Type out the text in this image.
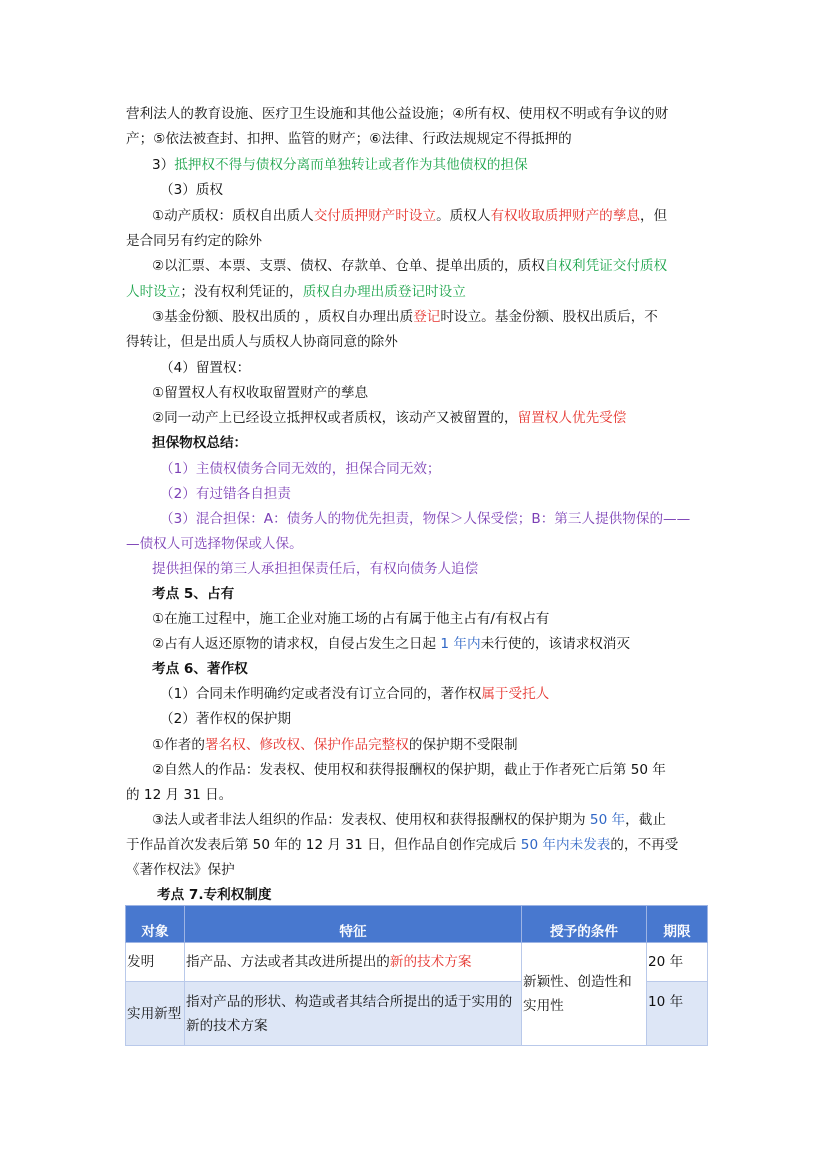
营利法人的教育设施、医疗卫生设施和其他公益设施；④所有权、使用权不明或有争议的财
产；⑤依法被查封、扣押、监管的财产；⑥法律、行政法规规定不得抵押的
3）抵押权不得与债权分离而单独转让或者作为其他债权的担保
（3）质权
①动产质权：质权自出质人交付质押财产时设立。质权人有权收取质押财产的孳息，但
是合同另有约定的除外
②以汇票、本票、支票、债权、存款单、仓单、提单出质的，质权自权利凭证交付质权
人时设立；没有权利凭证的，质权自办理出质登记时设立
③基金份额、股权出质的 ，质权自办理出质登记时设立。基金份额、股权出质后，不
得转让，但是出质人与质权人协商同意的除外
（4）留置权：
①留置权人有权收取留置财产的孳息
②同一动产上已经设立抵押权或者质权，该动产又被留置的，留置权人优先受偿
担保物权总结：
（1）主债权债务合同无效的，担保合同无效；
（2）有过错各自担责
（3）混合担保：A：债务人的物优先担责，物保＞人保受偿；B：第三人提供物保的——
—债权人可选择物保或人保。
提供担保的第三人承担担保责任后，有权向债务人追偿
考点 5、占有
①在施工过程中，施工企业对施工场的占有属于他主占有/有权占有
②占有人返还原物的请求权，自侵占发生之日起 1 年内未行使的，该请求权消灭
考点 6、著作权
（1）合同未作明确约定或者没有订立合同的，著作权属于受托人
（2）著作权的保护期
①作者的署名权、修改权、保护作品完整权的保护期不受限制
②自然人的作品：发表权、使用权和获得报酬权的保护期，截止于作者死亡后第 50 年
的 12 月 31 日。
③法人或者非法人组织的作品：发表权、使用权和获得报酬权的保护期为 50 年，截止
于作品首次发表后第 50 年的 12 月 31 日，但作品自创作完成后 50 年内未发表的，不再受
《著作权法》保护
考点 7.专利权制度
对象	特征	授予的条件	期限
发明	指产品、方法或者其改进所提出的新的技术方案	新颖性、创造性和实用性	20 年
实用新型	指对产品的形状、构造或者其结合所提出的适于实用的新的技术方案		10 年
